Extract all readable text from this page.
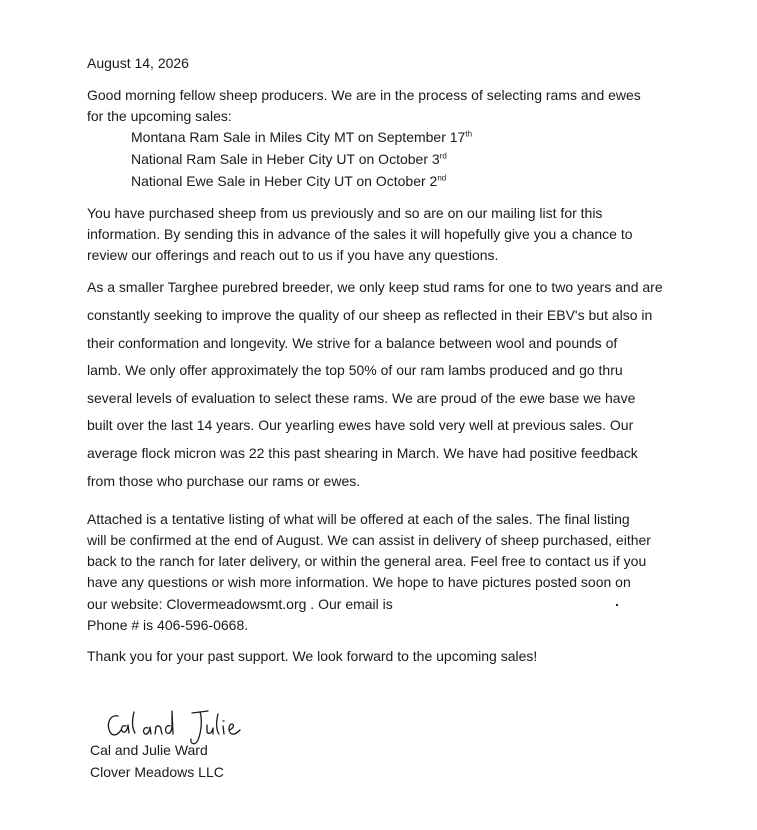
August 14, 2026
Good morning fellow sheep producers. We are in the process of selecting rams and ewes
for the upcoming sales:
Montana Ram Sale in Miles City MT on September 17th
National Ram Sale in Heber City UT on October 3rd
National Ewe Sale in Heber City UT on October 2nd
You have purchased sheep from us previously and so are on our mailing list for this
information. By sending this in advance of the sales it will hopefully give you a chance to
review our offerings and reach out to us if you have any questions.
As a smaller Targhee purebred breeder, we only keep stud rams for one to two years and are
constantly seeking to improve the quality of our sheep as reflected in their EBV's but also in
their conformation and longevity. We strive for a balance between wool and pounds of
lamb. We only offer approximately the top 50% of our ram lambs produced and go thru
several levels of evaluation to select these rams. We are proud of the ewe base we have
built over the last 14 years. Our yearling ewes have sold very well at previous sales. Our
average flock micron was 22 this past shearing in March. We have had positive feedback
from those who purchase our rams or ewes.
Attached is a tentative listing of what will be offered at each of the sales. The final listing
will be confirmed at the end of August. We can assist in delivery of sheep purchased, either
back to the ranch for later delivery, or within the general area. Feel free to contact us if you
have any questions or wish more information. We hope to have pictures posted soon on
our website: Clovermeadowsmt.org . Our email is
Phone # is 406-596-0668.
Thank you for your past support. We look forward to the upcoming sales!
Cal and Julie Ward
Clover Meadows LLC
